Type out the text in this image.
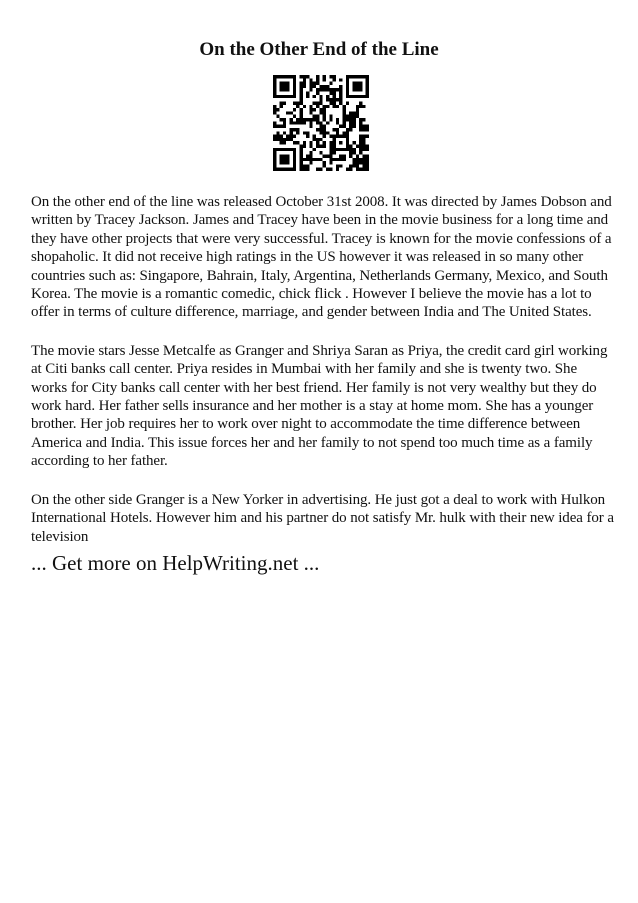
On the Other End of the Line

On the other end of the line was released October 31st 2008. It was directed by James Dobson and written by Tracey Jackson. James and Tracey have been in the movie business for a long time and they have other projects that were very successful. Tracey is known for the movie confessions of a shopaholic. It did not receive high ratings in the US however it was released in so many other countries such as: Singapore, Bahrain, Italy, Argentina, Netherlands Germany, Mexico, and South Korea. The movie is a romantic comedic, chick flick . However I believe the movie has a lot to offer in terms of culture difference, marriage, and gender between India and The United States.

The movie stars Jesse Metcalfe as Granger and Shriya Saran as Priya, the credit card girl working at Citi banks call center. Priya resides in Mumbai with her family and she is twenty two. She works for City banks call center with her best friend. Her family is not very wealthy but they do work hard. Her father sells insurance and her mother is a stay at home mom. She has a younger brother. Her job requires her to work over night to accommodate the time difference between America and India. This issue forces her and her family to not spend too much time as a family according to her father.

On the other side Granger is a New Yorker in advertising. He just got a deal to work with Hulkon International Hotels. However him and his partner do not satisfy Mr. hulk with their new idea for a television

... Get more on HelpWriting.net ...
